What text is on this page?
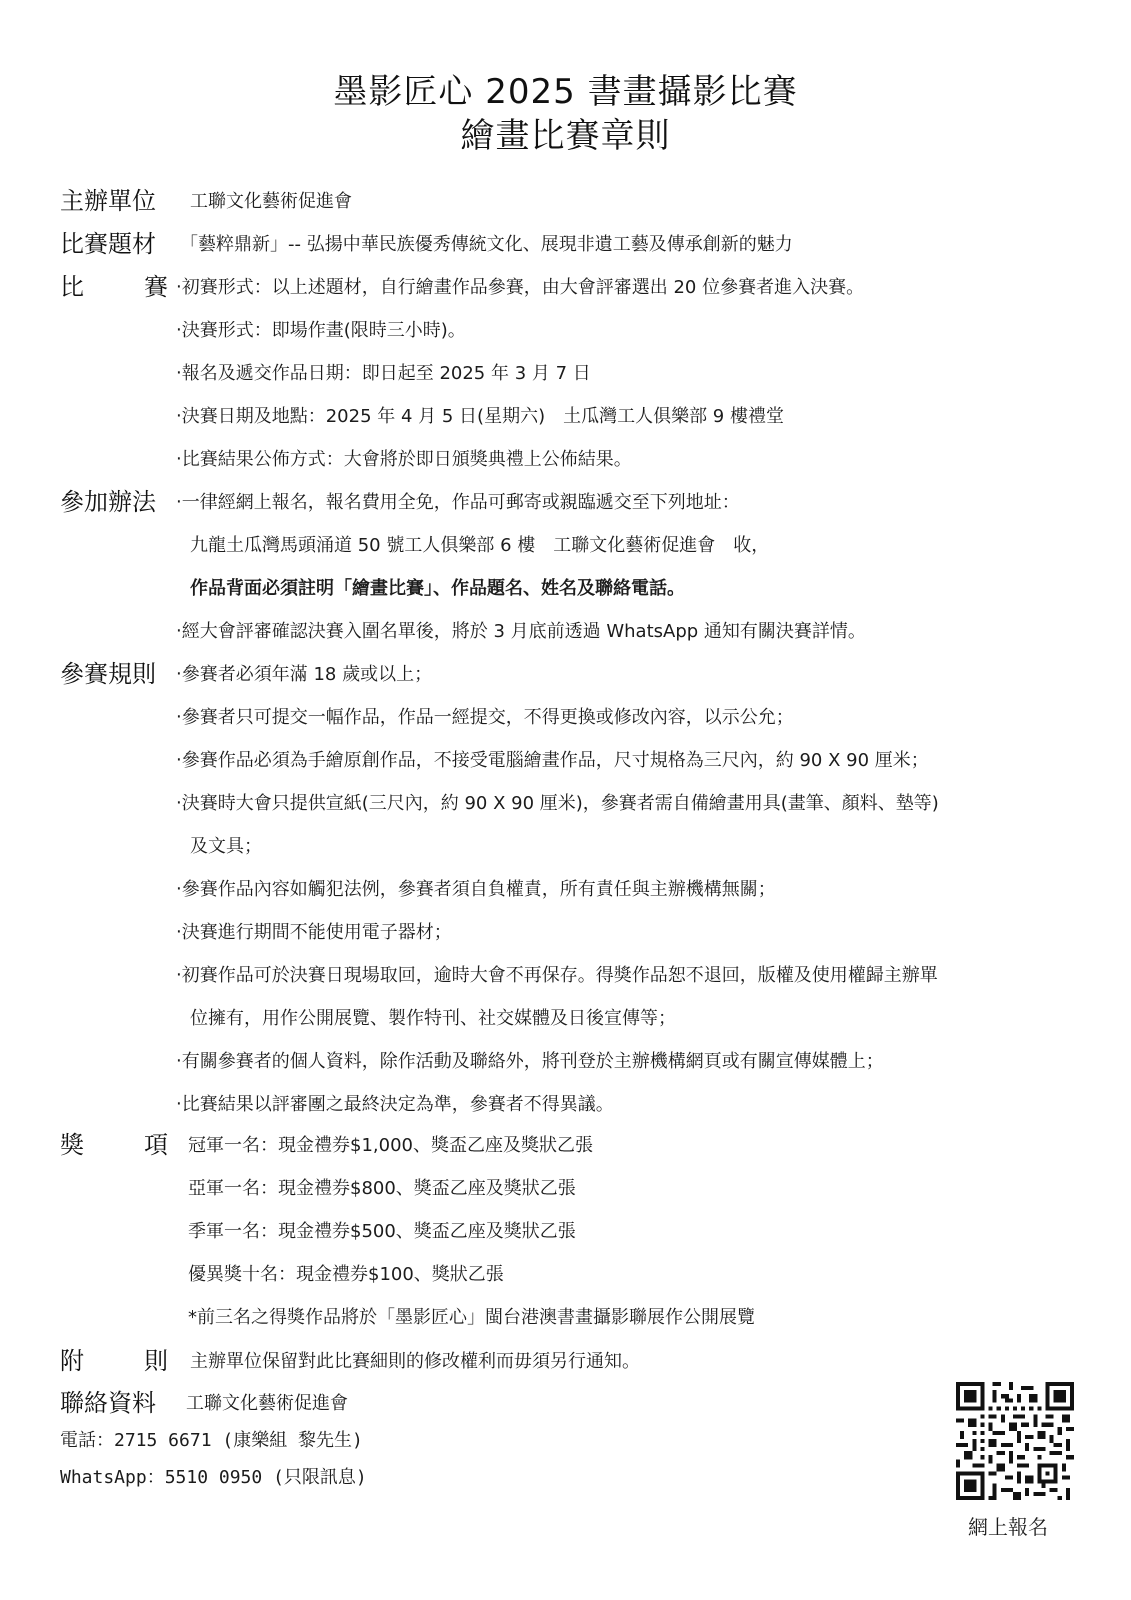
墨影匠心 2025 書畫攝影比賽
繪畫比賽章則
主辦單位 工聯文化藝術促進會
比賽題材 「藝粹鼎新」-- 弘揚中華民族優秀傳統文化、展現非遺工藝及傳承創新的魅力
比	賽 ‧初賽形式：以上述題材，自行繪畫作品參賽，由大會評審選出 20 位參賽者進入決賽。
‧決賽形式：即場作畫(限時三小時)。
‧報名及遞交作品日期：即日起至 2025 年 3 月 7 日
‧決賽日期及地點：2025 年 4 月 5 日(星期六)　土瓜灣工人俱樂部 9 樓禮堂
‧比賽結果公佈方式：大會將於即日頒獎典禮上公佈結果。
參加辦法 ‧一律經網上報名，報名費用全免，作品可郵寄或親臨遞交至下列地址：
九龍土瓜灣馬頭涌道 50 號工人俱樂部 6 樓　工聯文化藝術促進會　收，
作品背面必須註明「繪畫比賽」、作品題名、姓名及聯絡電話。
‧經大會評審確認決賽入圍名單後，將於 3 月底前透過 WhatsApp 通知有關決賽詳情。
參賽規則 ‧參賽者必須年滿 18 歲或以上；
‧參賽者只可提交一幅作品，作品一經提交，不得更換或修改內容，以示公允；
‧參賽作品必須為手繪原創作品，不接受電腦繪畫作品，尺寸規格為三尺內，約 90 X 90 厘米；
‧決賽時大會只提供宣紙(三尺內，約 90 X 90 厘米)，參賽者需自備繪畫用具(畫筆、顏料、墊等)
及文具；
‧參賽作品內容如觸犯法例，參賽者須自負權責，所有責任與主辦機構無關；
‧決賽進行期間不能使用電子器材；
‧初賽作品可於決賽日現場取回，逾時大會不再保存。得獎作品恕不退回，版權及使用權歸主辦單
位擁有，用作公開展覽、製作特刊、社交媒體及日後宣傳等；
‧有關參賽者的個人資料，除作活動及聯絡外，將刊登於主辦機構網頁或有關宣傳媒體上；
‧比賽結果以評審團之最終決定為準，參賽者不得異議。
獎	項 冠軍一名：現金禮券$1,000、獎盃乙座及獎狀乙張
亞軍一名：現金禮券$800、獎盃乙座及獎狀乙張
季軍一名：現金禮券$500、獎盃乙座及獎狀乙張
優異獎十名：現金禮券$100、獎狀乙張
*前三名之得獎作品將於「墨影匠心」閩台港澳書畫攝影聯展作公開展覽
附	則 主辦單位保留對此比賽細則的修改權利而毋須另行通知。
聯絡資料 工聯文化藝術促進會
電話：2715 6671 (康樂組 黎先生)
WhatsApp：5510 0950 (只限訊息)
網上報名
